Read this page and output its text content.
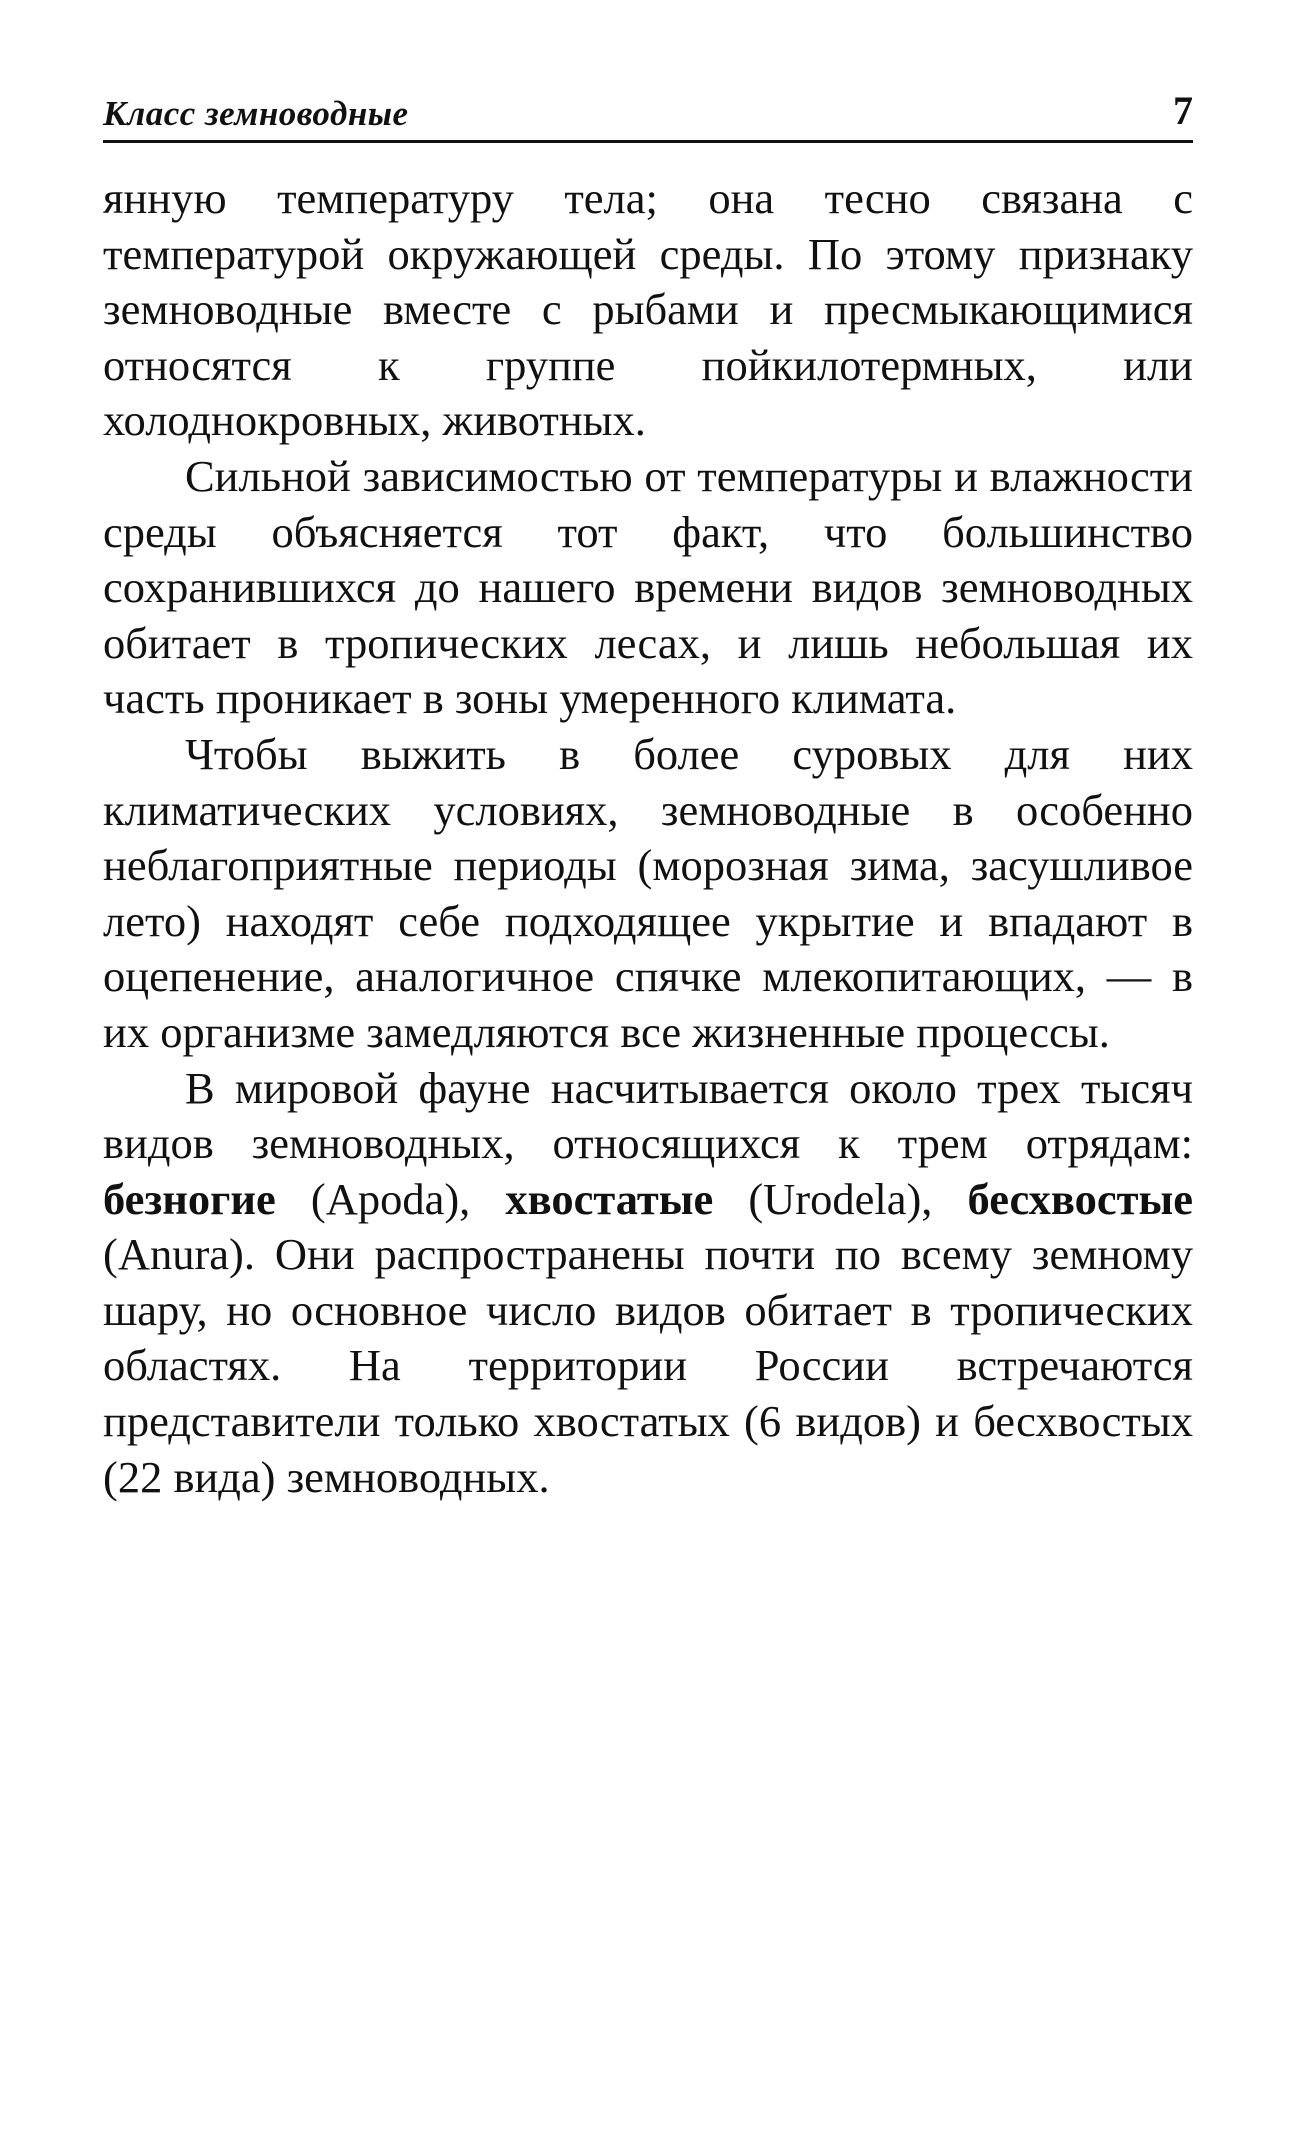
Класс земноводные	7

янную температуру тела; она тесно связана с температурой окружающей среды. По этому признаку земноводные вместе с рыбами и пресмыкающимися относятся к группе пойкилотермных, или холоднокровных, животных.

Сильной зависимостью от температуры и влажности среды объясняется тот факт, что большинство сохранившихся до нашего времени видов земноводных обитает в тропических лесах, и лишь небольшая их часть проникает в зоны умеренного климата.

Чтобы выжить в более суровых для них климатических условиях, земноводные в особенно неблагоприятные периоды (морозная зима, засушливое лето) находят себе подходящее укрытие и впадают в оцепенение, аналогичное спячке млекопитающих, — в их организме замедляются все жизненные процессы.

В мировой фауне насчитывается около трех тысяч видов земноводных, относящихся к трем отрядам: безногие (Apoda), хвостатые (Urodela), бесхвостые (Anura). Они распространены почти по всему земному шару, но основное число видов обитает в тропических областях. На территории России встречаются представители только хвостатых (6 видов) и бесхвостых (22 вида) земноводных.
